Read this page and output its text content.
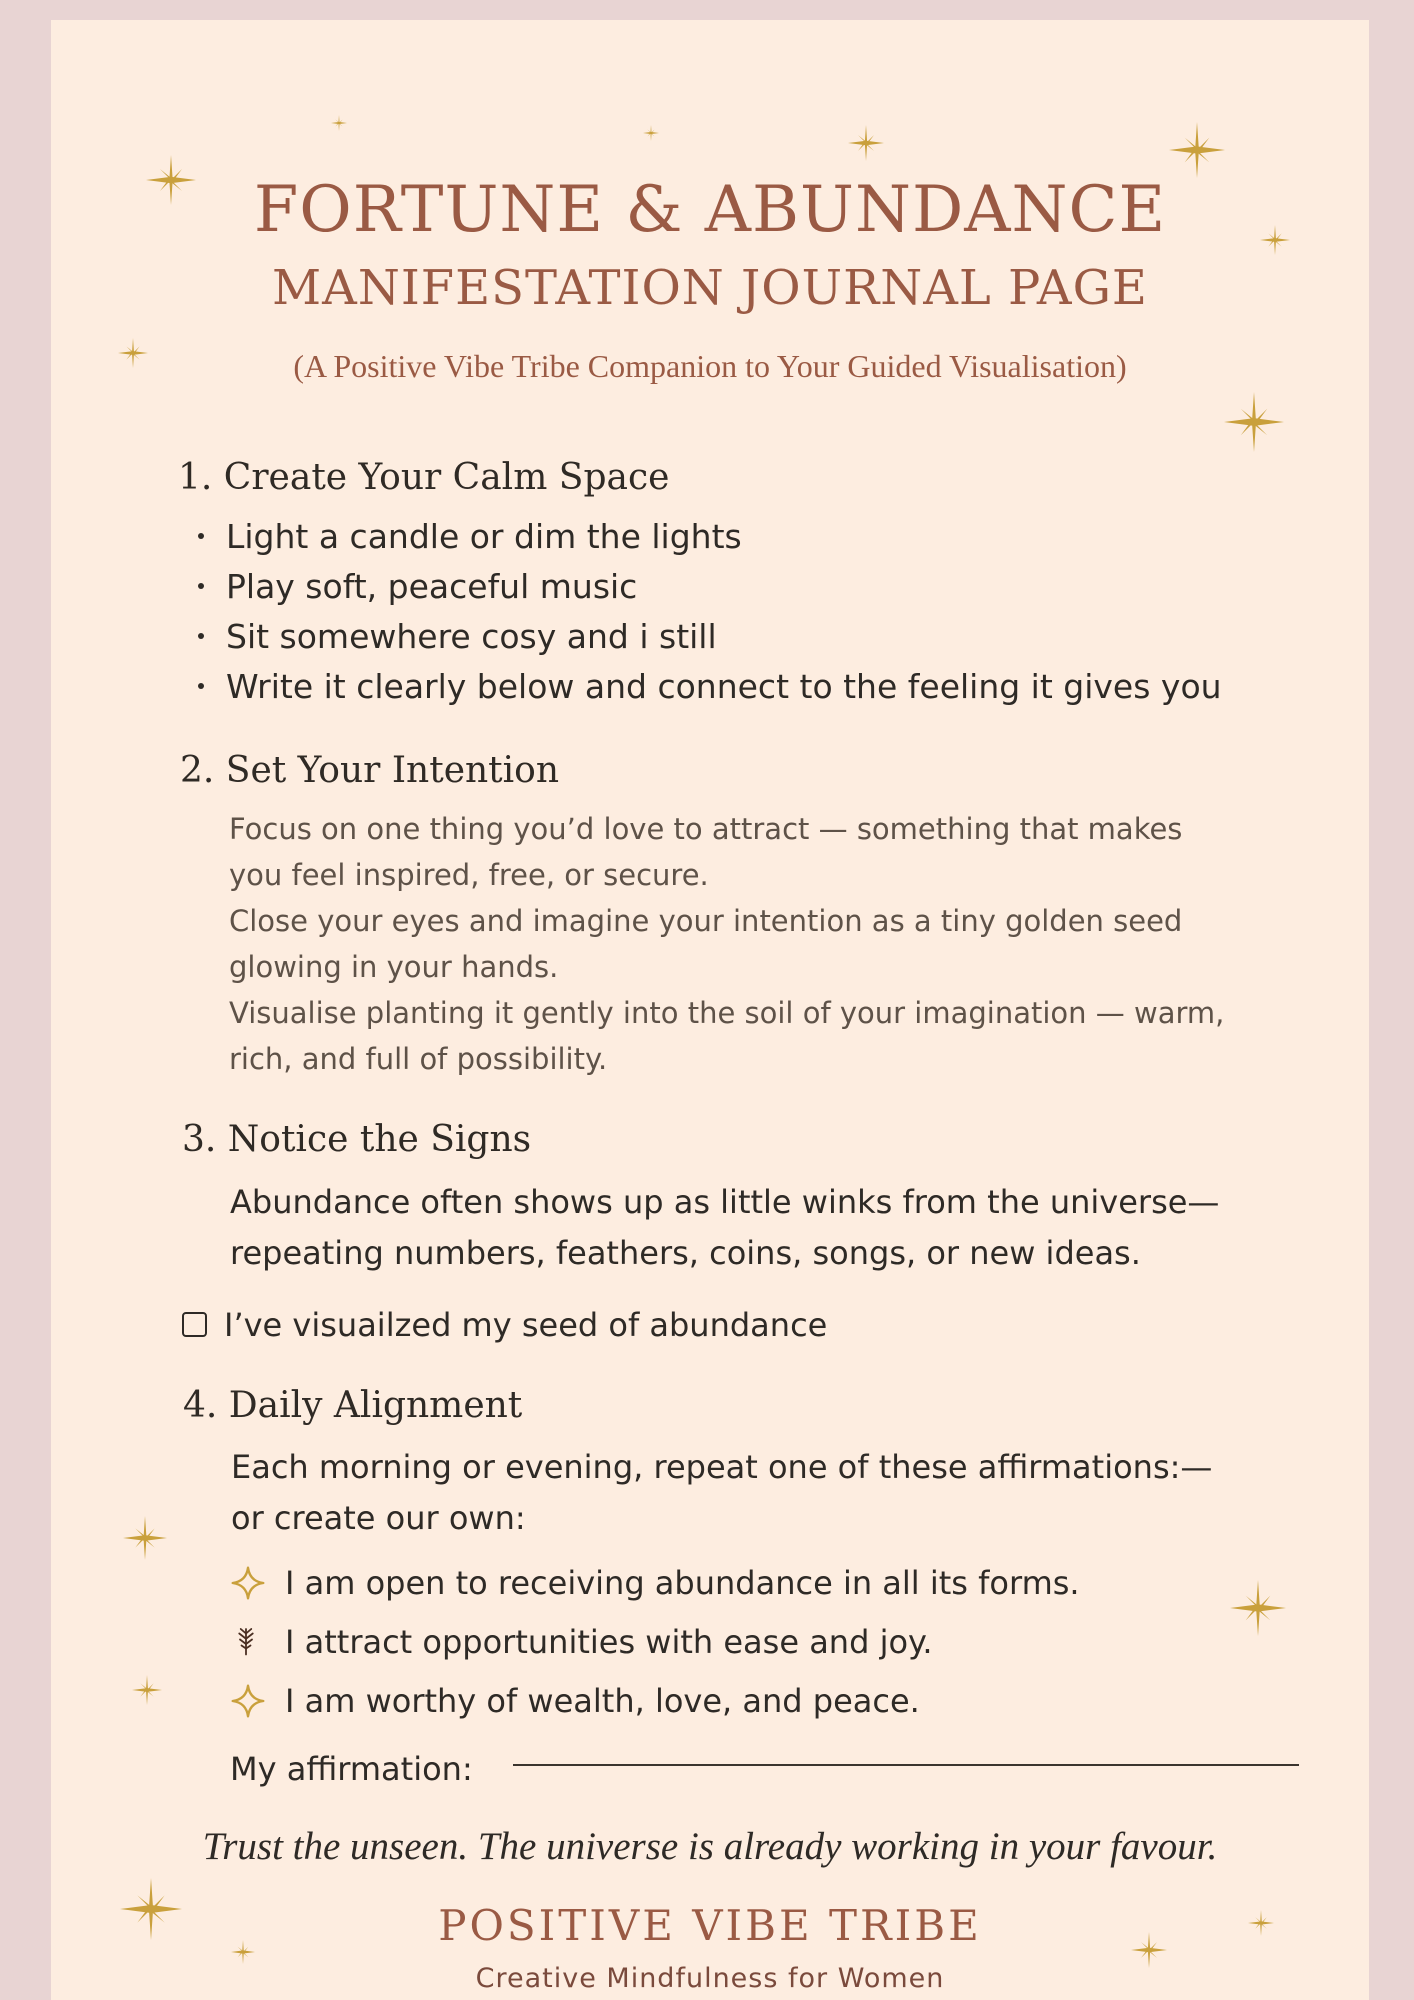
FORTUNE & ABUNDANCE
MANIFESTATION JOURNAL PAGE
(A Positive Vibe Tribe Companion to Your Guided Visualisation)
1. Create Your Calm Space
Light a candle or dim the lights
Play soft, peaceful music
Sit somewhere cosy and i still
Write it clearly below and connect to the feeling it gives you
2. Set Your Intention
Focus on one thing you’d love to attract — something that makes
you feel inspired, free, or secure.
Close your eyes and imagine your intention as a tiny golden seed
glowing in your hands.
Visualise planting it gently into the soil of your imagination — warm,
rich, and full of possibility.
3. Notice the Signs
Abundance often shows up as little winks from the universe—
repeating numbers, feathers, coins, songs, or new ideas.
I’ve visuailzed my seed of abundance
4. Daily Alignment
Each morning or evening, repeat one of these affirmations:—
or create our own:
I am open to receiving abundance in all its forms.
I attract opportunities with ease and joy.
I am worthy of wealth, love, and peace.
My affirmation:
Trust the unseen. The universe is already working in your favour.
POSITIVE VIBE TRIBE
Creative Mindfulness for Women
